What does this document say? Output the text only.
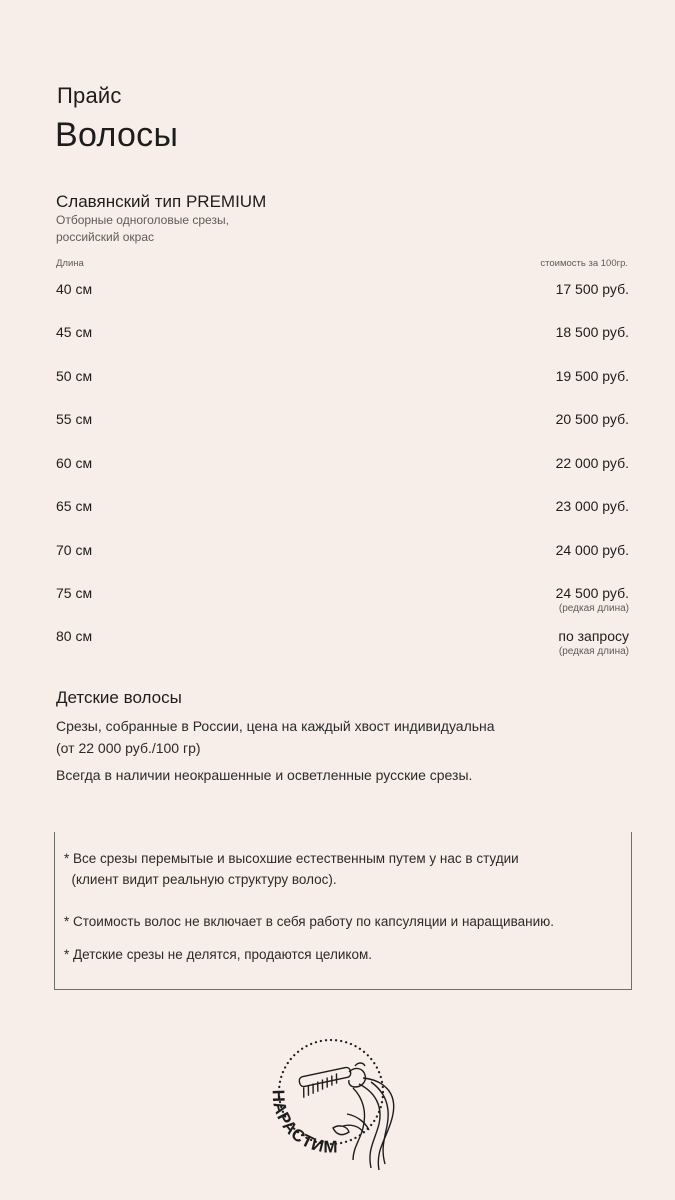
Прайс
Волосы
Славянский тип PREMIUM
Отборные одноголовые срезы,
российский окрас
Длина	стоимость за 100гр.
40 см	17 500 руб.
45 см	18 500 руб.
50 см	19 500 руб.
55 см	20 500 руб.
60 см	22 000 руб.
65 см	23 000 руб.
70 см	24 000 руб.
75 см	24 500 руб.
(редкая длина)
80 см	по запросу
(редкая длина)
Детские волосы
Срезы, собранные в России, цена на каждый хвост индивидуальна
(от 22 000 руб./100 гр)
Всегда в наличии неокрашенные и осветленные русские срезы.
* Все срезы перемытые и высохшие естественным путем у нас в студии
(клиент видит реальную структуру волос).
* Стоимость волос не включает в себя работу по капсуляции и наращиванию.
* Детские срезы не делятся, продаются целиком.
НАРАСТИМ
